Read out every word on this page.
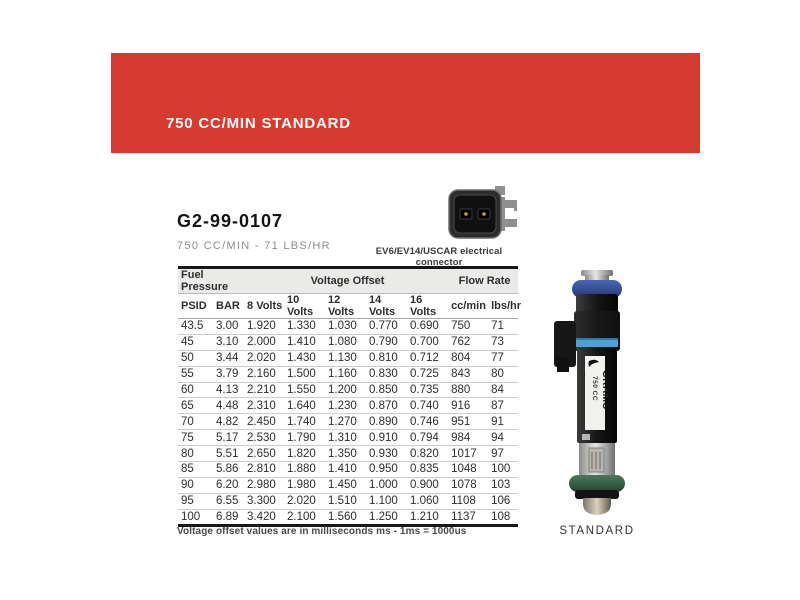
750 CC/MIN STANDARD
G2-99-0107
750 CC/MIN - 71 LBS/HR	EV6/EV14/USCAR electrical connector
Fuel Pressure		Voltage Offset					Flow Rate	
PSID	BAR	8 Volts	10 Volts	12 Volts	14 Volts	16 Volts	cc/min	lbs/hr
43.5	3.00	1.920	1.330	1.030	0.770	0.690	750	71
45	3.10	2.000	1.410	1.080	0.790	0.700	762	73
50	3.44	2.020	1.430	1.130	0.810	0.712	804	77
55	3.79	2.160	1.500	1.160	0.830	0.725	843	80
60	4.13	2.210	1.550	1.200	0.850	0.735	880	84
65	4.48	2.310	1.640	1.230	0.870	0.740	916	87
70	4.82	2.450	1.740	1.270	0.890	0.746	951	91
75	5.17	2.530	1.790	1.310	0.910	0.794	984	94
80	5.51	2.650	1.820	1.350	0.930	0.820	1017	97
85	5.86	2.810	1.880	1.410	0.950	0.835	1048	100
90	6.20	2.980	1.980	1.450	1.000	0.900	1078	103
95	6.55	3.300	2.020	1.510	1.100	1.060	1108	106
100	6.89	3.420	2.100	1.560	1.250	1.210	1137	108
Voltage offset values are in milliseconds ms - 1ms = 1000us
GRAMS
750 CC
STANDARD
